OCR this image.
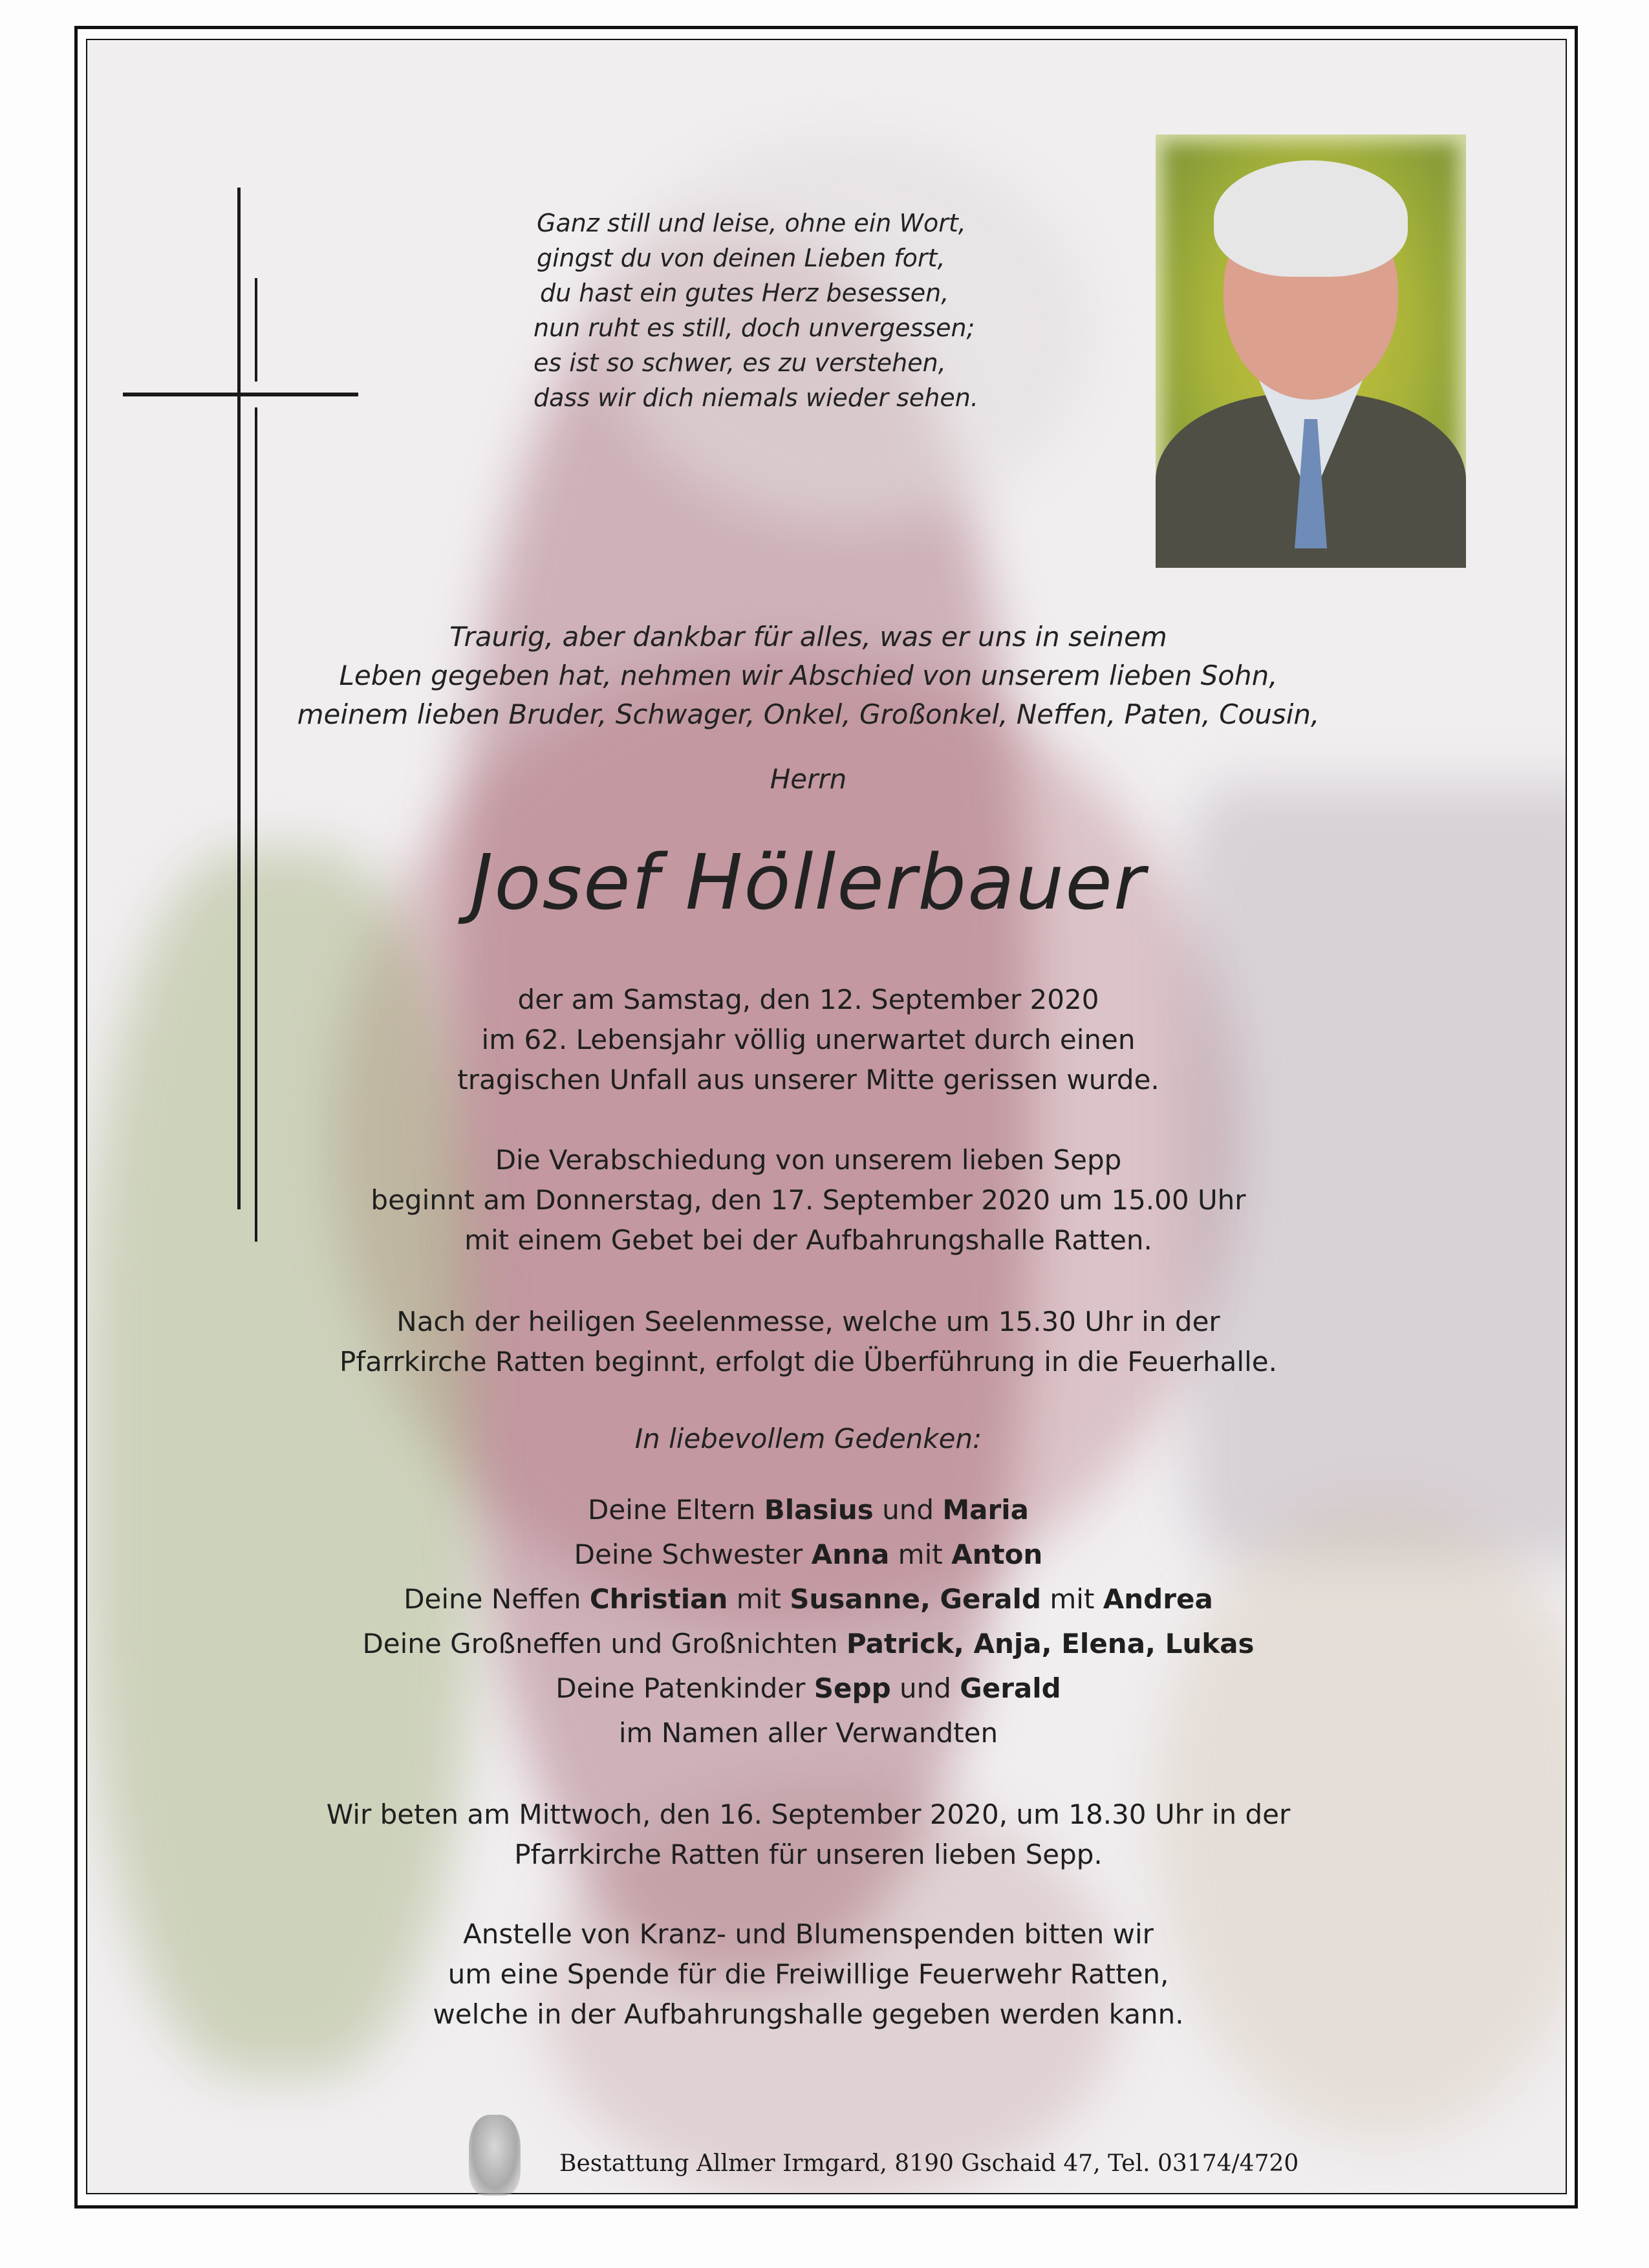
Ganz still und leise, ohne ein Wort,
gingst du von deinen Lieben fort,
du hast ein gutes Herz besessen,
nun ruht es still, doch unvergessen;
es ist so schwer, es zu verstehen,
dass wir dich niemals wieder sehen.
Traurig, aber dankbar für alles, was er uns in seinem
Leben gegeben hat, nehmen wir Abschied von unserem lieben Sohn,
meinem lieben Bruder, Schwager, Onkel, Großonkel, Neffen, Paten, Cousin,
Herrn
Josef Höllerbauer
der am Samstag, den 12. September 2020
im 62. Lebensjahr völlig unerwartet durch einen
tragischen Unfall aus unserer Mitte gerissen wurde.
Die Verabschiedung von unserem lieben Sepp
beginnt am Donnerstag, den 17. September 2020 um 15.00 Uhr
mit einem Gebet bei der Aufbahrungshalle Ratten.
Nach der heiligen Seelenmesse, welche um 15.30 Uhr in der
Pfarrkirche Ratten beginnt, erfolgt die Überführung in die Feuerhalle.
In liebevollem Gedenken:
Deine Eltern Blasius und Maria
Deine Schwester Anna mit Anton
Deine Neffen Christian mit Susanne, Gerald mit Andrea
Deine Großneffen und Großnichten Patrick, Anja, Elena, Lukas
Deine Patenkinder Sepp und Gerald
im Namen aller Verwandten
Wir beten am Mittwoch, den 16. September 2020, um 18.30 Uhr in der
Pfarrkirche Ratten für unseren lieben Sepp.
Anstelle von Kranz- und Blumenspenden bitten wir
um eine Spende für die Freiwillige Feuerwehr Ratten,
welche in der Aufbahrungshalle gegeben werden kann.
Bestattung Allmer Irmgard, 8190 Gschaid 47, Tel. 03174/4720
